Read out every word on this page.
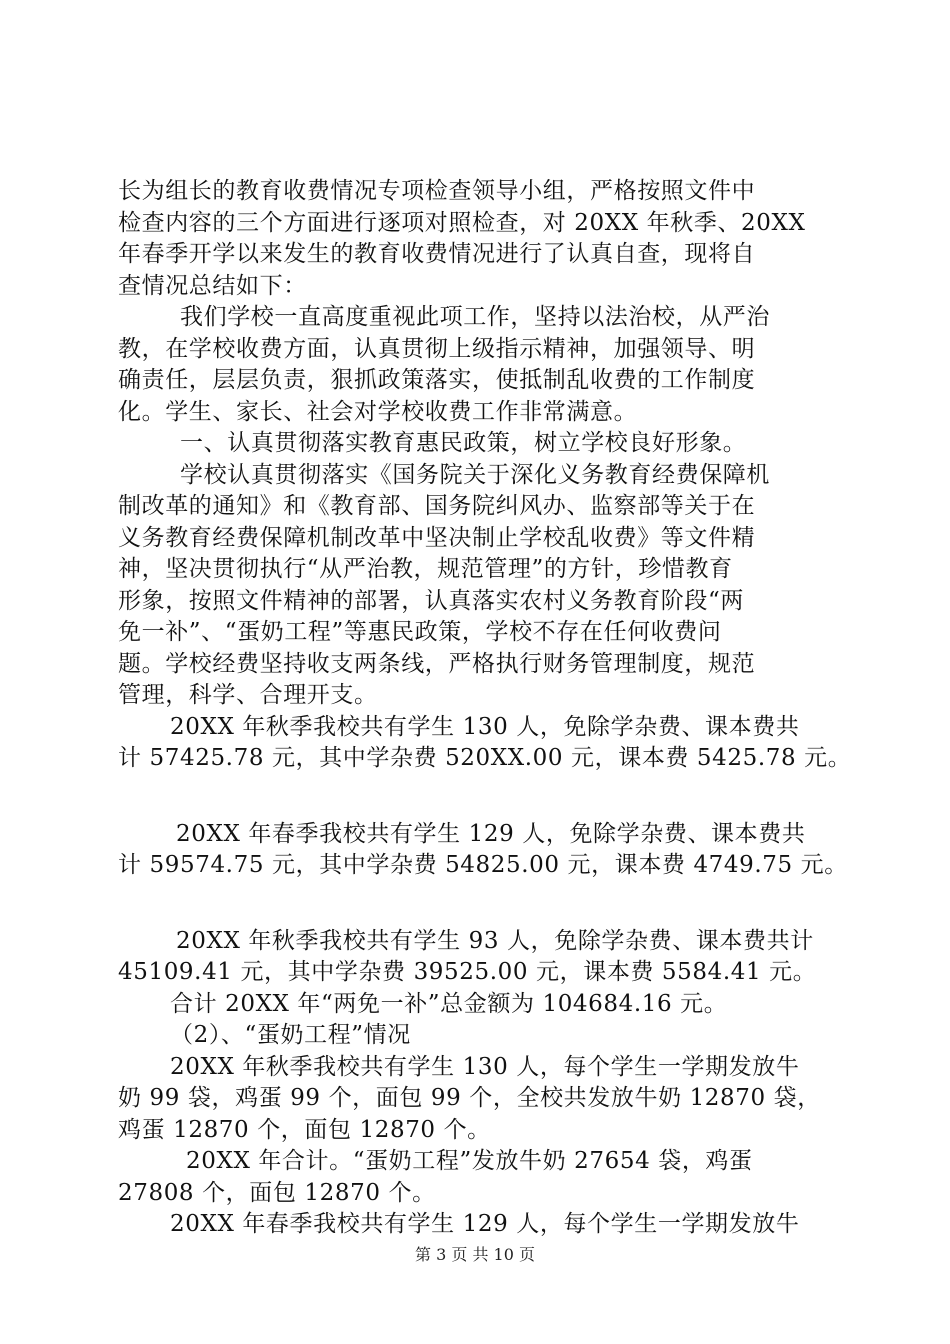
长为组长的教育收费情况专项检查领导小组，严格按照文件中
检查内容的三个方面进行逐项对照检查，对 20XX 年秋季、20XX
年春季开学以来发生的教育收费情况进行了认真自查，现将自
查情况总结如下：
我们学校一直高度重视此项工作，坚持以法治校，从严治
教，在学校收费方面，认真贯彻上级指示精神，加强领导、明
确责任，层层负责，狠抓政策落实，使抵制乱收费的工作制度
化。学生、家长、社会对学校收费工作非常满意。
一、认真贯彻落实教育惠民政策，树立学校良好形象。
学校认真贯彻落实《国务院关于深化义务教育经费保障机
制改革的通知》和《教育部、国务院纠风办、监察部等关于在
义务教育经费保障机制改革中坚决制止学校乱收费》等文件精
神，坚决贯彻执行“从严治教，规范管理”的方针，珍惜教育
形象，按照文件精神的部署，认真落实农村义务教育阶段“两
免一补”、“蛋奶工程”等惠民政策，学校不存在任何收费问
题。学校经费坚持收支两条线，严格执行财务管理制度，规范
管理，科学、合理开支。
20XX 年秋季我校共有学生 130 人，免除学杂费、课本费共
计 57425.78 元，其中学杂费 520XX.00 元，课本费 5425.78 元。
20XX 年春季我校共有学生 129 人，免除学杂费、课本费共
计 59574.75 元，其中学杂费 54825.00 元，课本费 4749.75 元。
20XX 年秋季我校共有学生 93 人，免除学杂费、课本费共计
45109.41 元，其中学杂费 39525.00 元，课本费 5584.41 元。
合计 20XX 年“两免一补”总金额为 104684.16 元。
（2）、“蛋奶工程”情况
20XX 年秋季我校共有学生 130 人，每个学生一学期发放牛
奶 99 袋，鸡蛋 99 个，面包 99 个，全校共发放牛奶 12870 袋，
鸡蛋 12870 个，面包 12870 个。
20XX 年合计。“蛋奶工程”发放牛奶 27654 袋，鸡蛋
27808 个，面包 12870 个。
20XX 年春季我校共有学生 129 人，每个学生一学期发放牛
第 3 页 共 10 页
